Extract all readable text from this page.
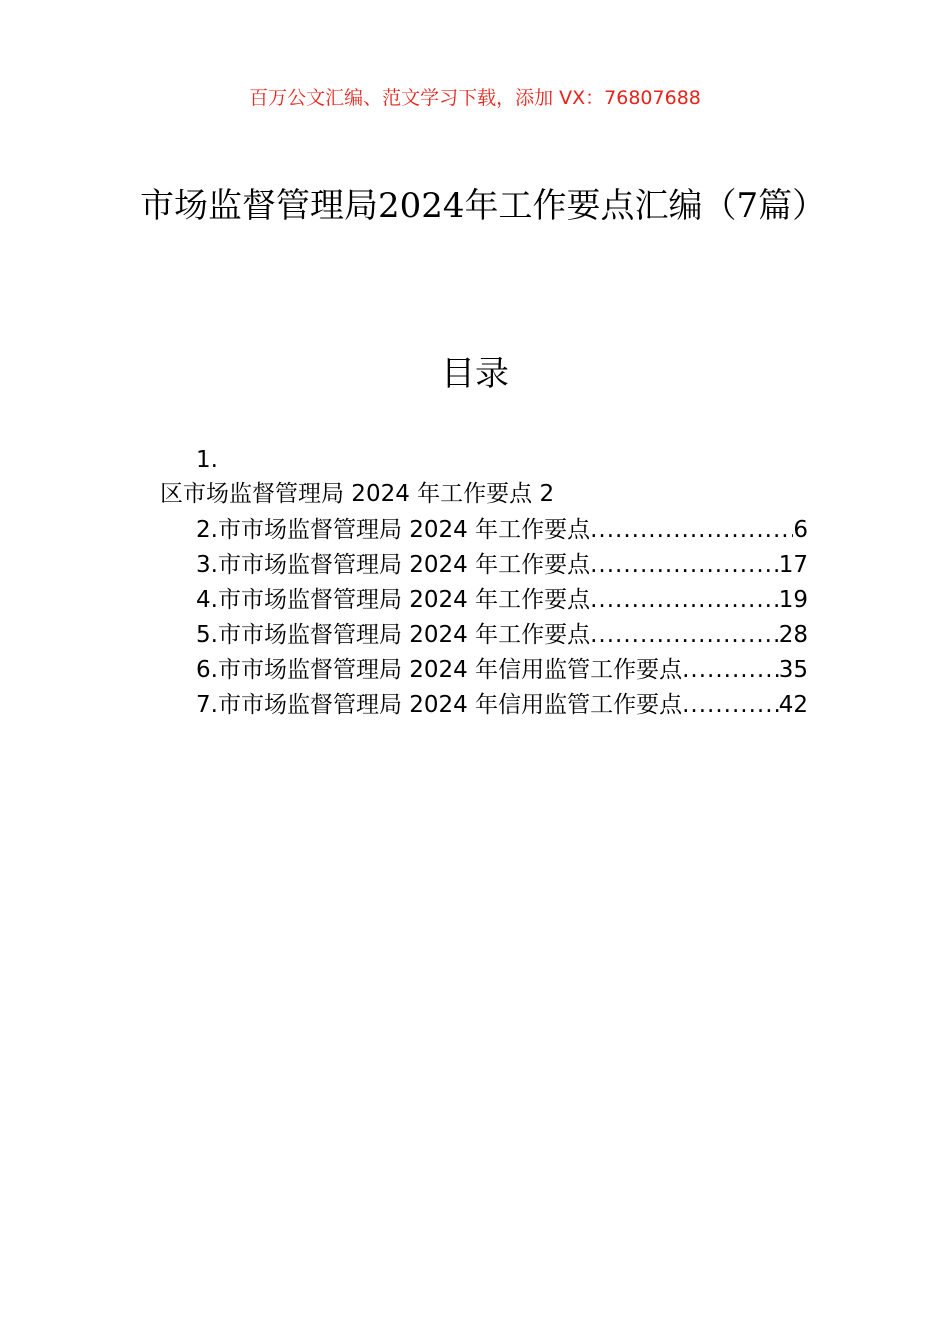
百万公文汇编、范文学习下载，添加 VX：76807688
市场监督管理局2024年工作要点汇编（7篇）
目录
1.
区市场监督管理局 2024 年工作要点 2
2.市市场监督管理局 2024 年工作要点 .....	6
3.市市场监督管理局 2024 年工作要点 .....	17
4.市市场监督管理局 2024 年工作要点 .....	19
5.市市场监督管理局 2024 年工作要点 .....	28
6.市市场监督管理局 2024 年信用监管工作要点 .....	35
7.市市场监督管理局 2024 年信用监管工作要点 .....	42
